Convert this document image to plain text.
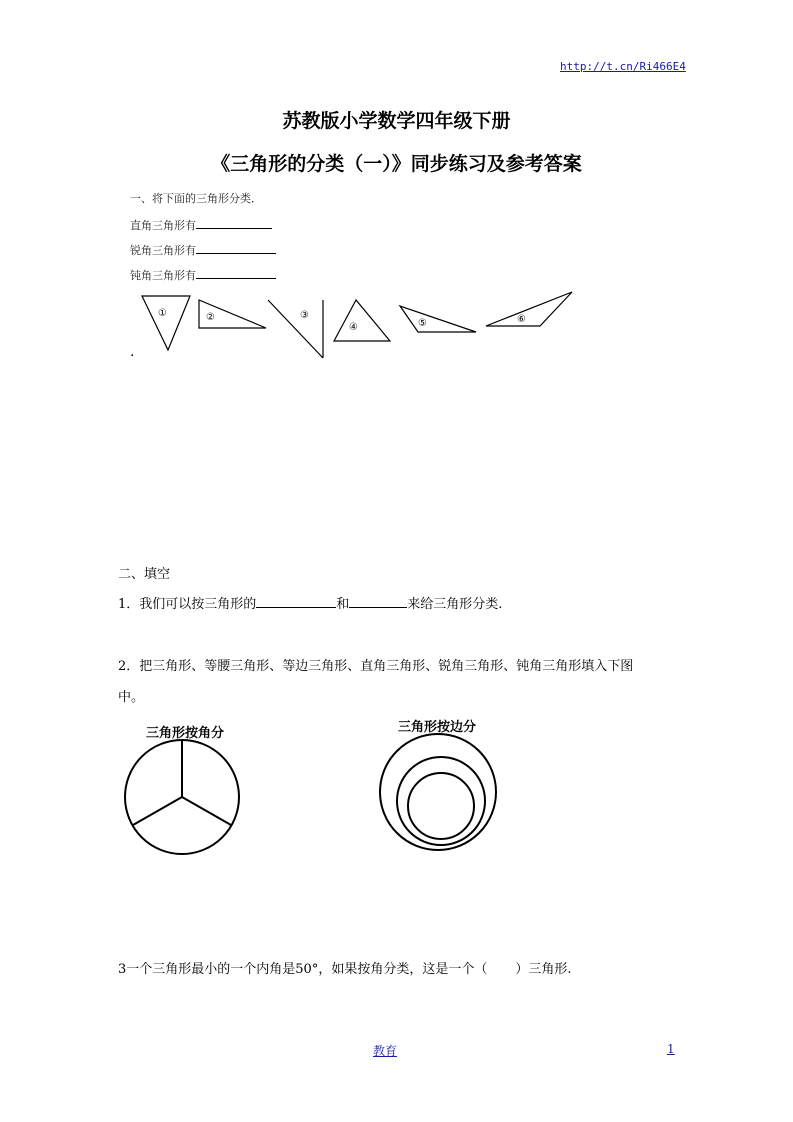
http://t.cn/Ri466E4
苏教版小学数学四年级下册
《三角形的分类（一）》同步练习及参考答案
一、将下面的三角形分类．
直角三角形有
锐角三角形有
钝角三角形有
①	②	③
④	⑤	⑥
.
二、填空
1．我们可以按三角形的	和	来给三角形分类.
2．把三角形、等腰三角形、等边三角形、直角三角形、锐角三角形、钝角三角形填入下图
中。
三角形按角分	三角形按边分
3一个三角形最小的一个内角是50°，如果按角分类，这是一个（ ）三角形.
教育	1
